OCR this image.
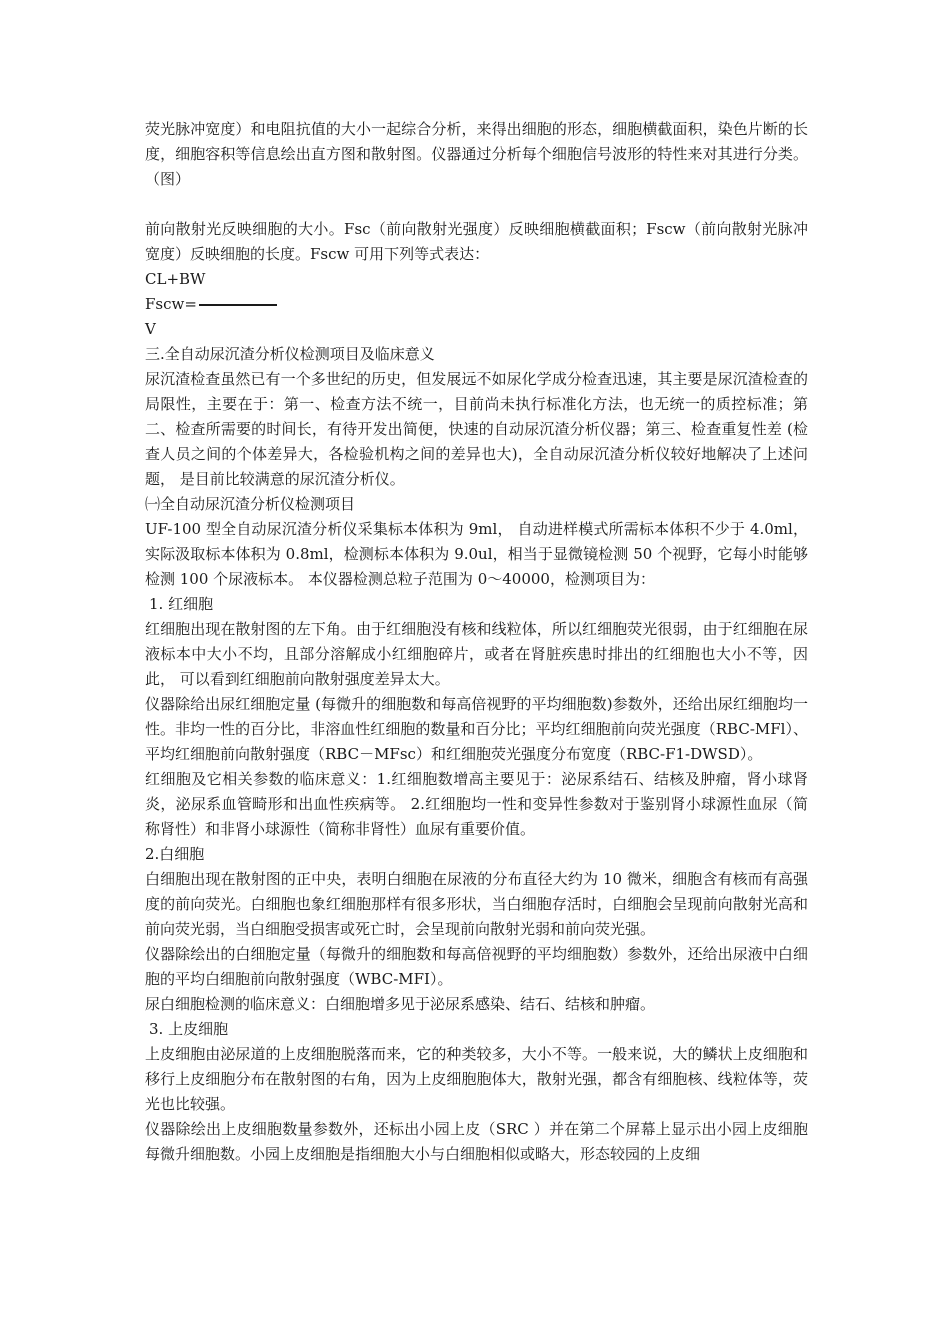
荧光脉冲宽度）和电阻抗值的大小一起综合分析，来得出细胞的形态，细胞横截面积，染色片断的长度，细胞容积等信息绘出直方图和散射图。仪器通过分析每个细胞信号波形的特性来对其进行分类。（图）

前向散射光反映细胞的大小。Fsc（前向散射光强度）反映细胞横截面积；Fscw（前向散射光脉冲宽度）反映细胞的长度。Fscw 可用下列等式表达：

CL+BW

Fscw=

V

三.全自动尿沉渣分析仪检测项目及临床意义

尿沉渣检查虽然已有一个多世纪的历史，但发展远不如尿化学成分检查迅速，其主要是尿沉渣检查的局限性，主要在于：第一、检查方法不统一，目前尚未执行标准化方法，也无统一的质控标准；第二、检查所需要的时间长，有待开发出简便，快速的自动尿沉渣分析仪器；第三、检查重复性差 (检查人员之间的个体差异大，各检验机构之间的差异也大)，全自动尿沉渣分析仪较好地解决了上述问题， 是目前比较满意的尿沉渣分析仪。

㈠全自动尿沉渣分析仪检测项目

UF-100 型全自动尿沉渣分析仪采集标本体积为 9ml， 自动进样模式所需标本体积不少于 4.0ml，实际汲取标本体积为 0.8ml，检测标本体积为 9.0ul，相当于显微镜检测 50 个视野，它每小时能够检测 100 个尿液标本。 本仪器检测总粒子范围为 0～40000，检测项目为：

1. 红细胞

红细胞出现在散射图的左下角。由于红细胞没有核和线粒体，所以红细胞荧光很弱，由于红细胞在尿液标本中大小不均，且部分溶解成小红细胞碎片，或者在肾脏疾患时排出的红细胞也大小不等，因此， 可以看到红细胞前向散射强度差异太大。

仪器除给出尿红细胞定量 (每微升的细胞数和每高倍视野的平均细胞数)参数外，还给出尿红细胞均一性。非均一性的百分比，非溶血性红细胞的数量和百分比；平均红细胞前向荧光强度（RBC-MFl）、平均红细胞前向散射强度（RBC－MFsc）和红细胞荧光强度分布宽度（RBC-F1-DWSD）。

红细胞及它相关参数的临床意义：1.红细胞数增高主要见于：泌尿系结石、结核及肿瘤，肾小球肾炎，泌尿系血管畸形和出血性疾病等。 2.红细胞均一性和变异性参数对于鉴别肾小球源性血尿（简称肾性）和非肾小球源性（简称非肾性）血尿有重要价值。

2.白细胞

白细胞出现在散射图的正中央，表明白细胞在尿液的分布直径大约为 10 微米，细胞含有核而有高强度的前向荧光。白细胞也象红细胞那样有很多形状，当白细胞存活时，白细胞会呈现前向散射光高和前向荧光弱，当白细胞受损害或死亡时，会呈现前向散射光弱和前向荧光强。

仪器除绘出的白细胞定量（每微升的细胞数和每高倍视野的平均细胞数）参数外，还给出尿液中白细胞的平均白细胞前向散射强度（WBC-MFI）。

尿白细胞检测的临床意义：白细胞增多见于泌尿系感染、结石、结核和肿瘤。

3. 上皮细胞

上皮细胞由泌尿道的上皮细胞脱落而来，它的种类较多，大小不等。一般来说，大的鳞状上皮细胞和移行上皮细胞分布在散射图的右角，因为上皮细胞胞体大，散射光强，都含有细胞核、线粒体等，荧光也比较强。

仪器除绘出上皮细胞数量参数外，还标出小园上皮（SRC ）并在第二个屏幕上显示出小园上皮细胞每微升细胞数。小园上皮细胞是指细胞大小与白细胞相似或略大，形态较园的上皮细
